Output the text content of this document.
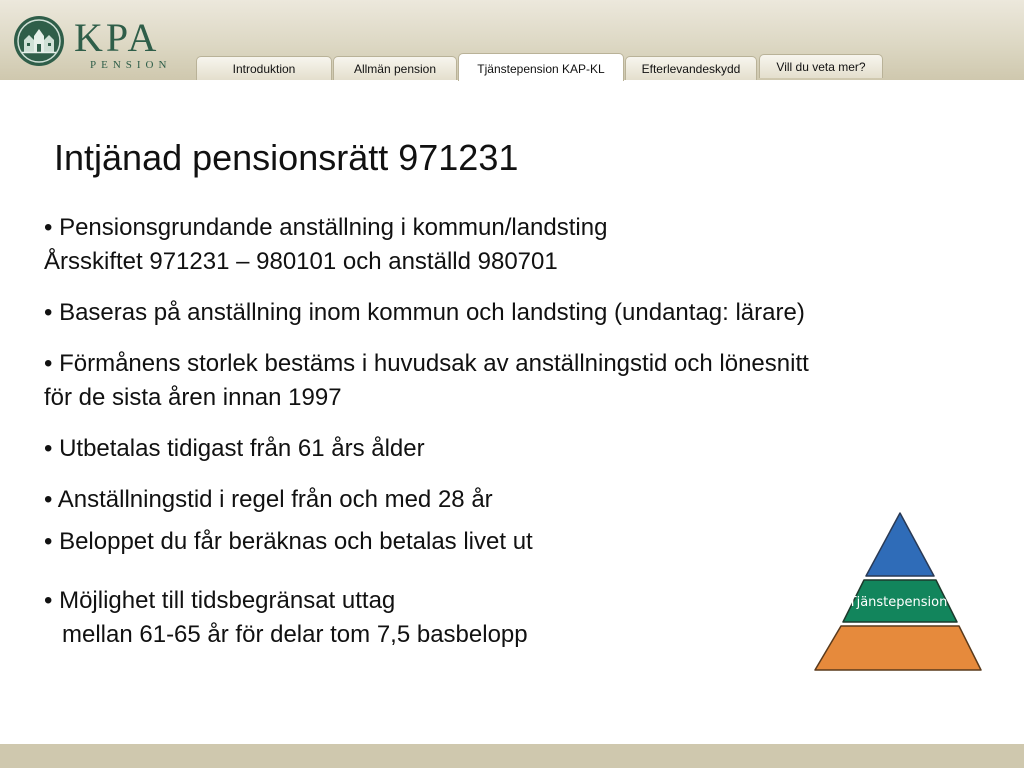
KPA
PENSION	Introduktion	Allmän pension	Tjänstepension KAP-KL	Efterlevandeskydd	Vill du veta mer?
Intjänad pensionsrätt 971231
• Pensionsgrundande anställning i kommun/landsting
Årsskiftet 971231 – 980101 och anställd 980701
• Baseras på anställning inom kommun och landsting (undantag: lärare)
• Förmånens storlek bestäms i huvudsak av anställningstid och lönesnitt
för de sista åren innan 1997
• Utbetalas tidigast från 61 års ålder
• Anställningstid i regel från och med 28 år
• Beloppet du får beräknas och betalas livet ut
• Möjlighet till tidsbegränsat uttag
mellan 61-65 år för delar tom 7,5 basbelopp
Tjänstepension
